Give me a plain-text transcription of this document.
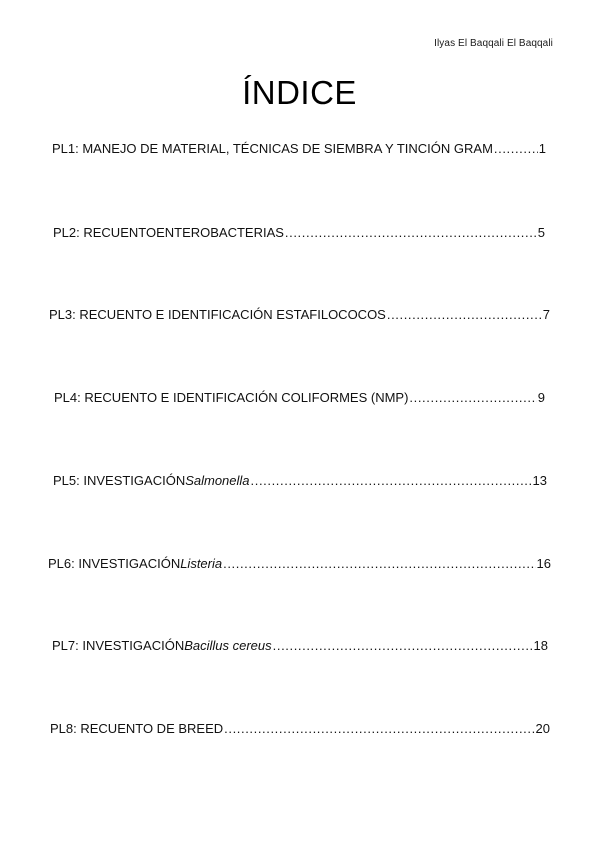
Ilyas El Baqqali El Baqqali
ÍNDICE
PL1: MANEJO DE MATERIAL, TÉCNICAS DE SIEMBRA Y TINCIÓN GRAM .....	1
PL2: RECUENTOENTEROBACTERIAS .....	5
PL3: RECUENTO E IDENTIFICACIÓN ESTAFILOCOCOS .....	7
PL4: RECUENTO E IDENTIFICACIÓN COLIFORMES (NMP) .....	9
PL5: INVESTIGACIÓN Salmonella .....	13
PL6: INVESTIGACIÓN Listeria .....	16
PL7: INVESTIGACIÓN Bacillus cereus .....	18
PL8: RECUENTO DE BREED .....	20
